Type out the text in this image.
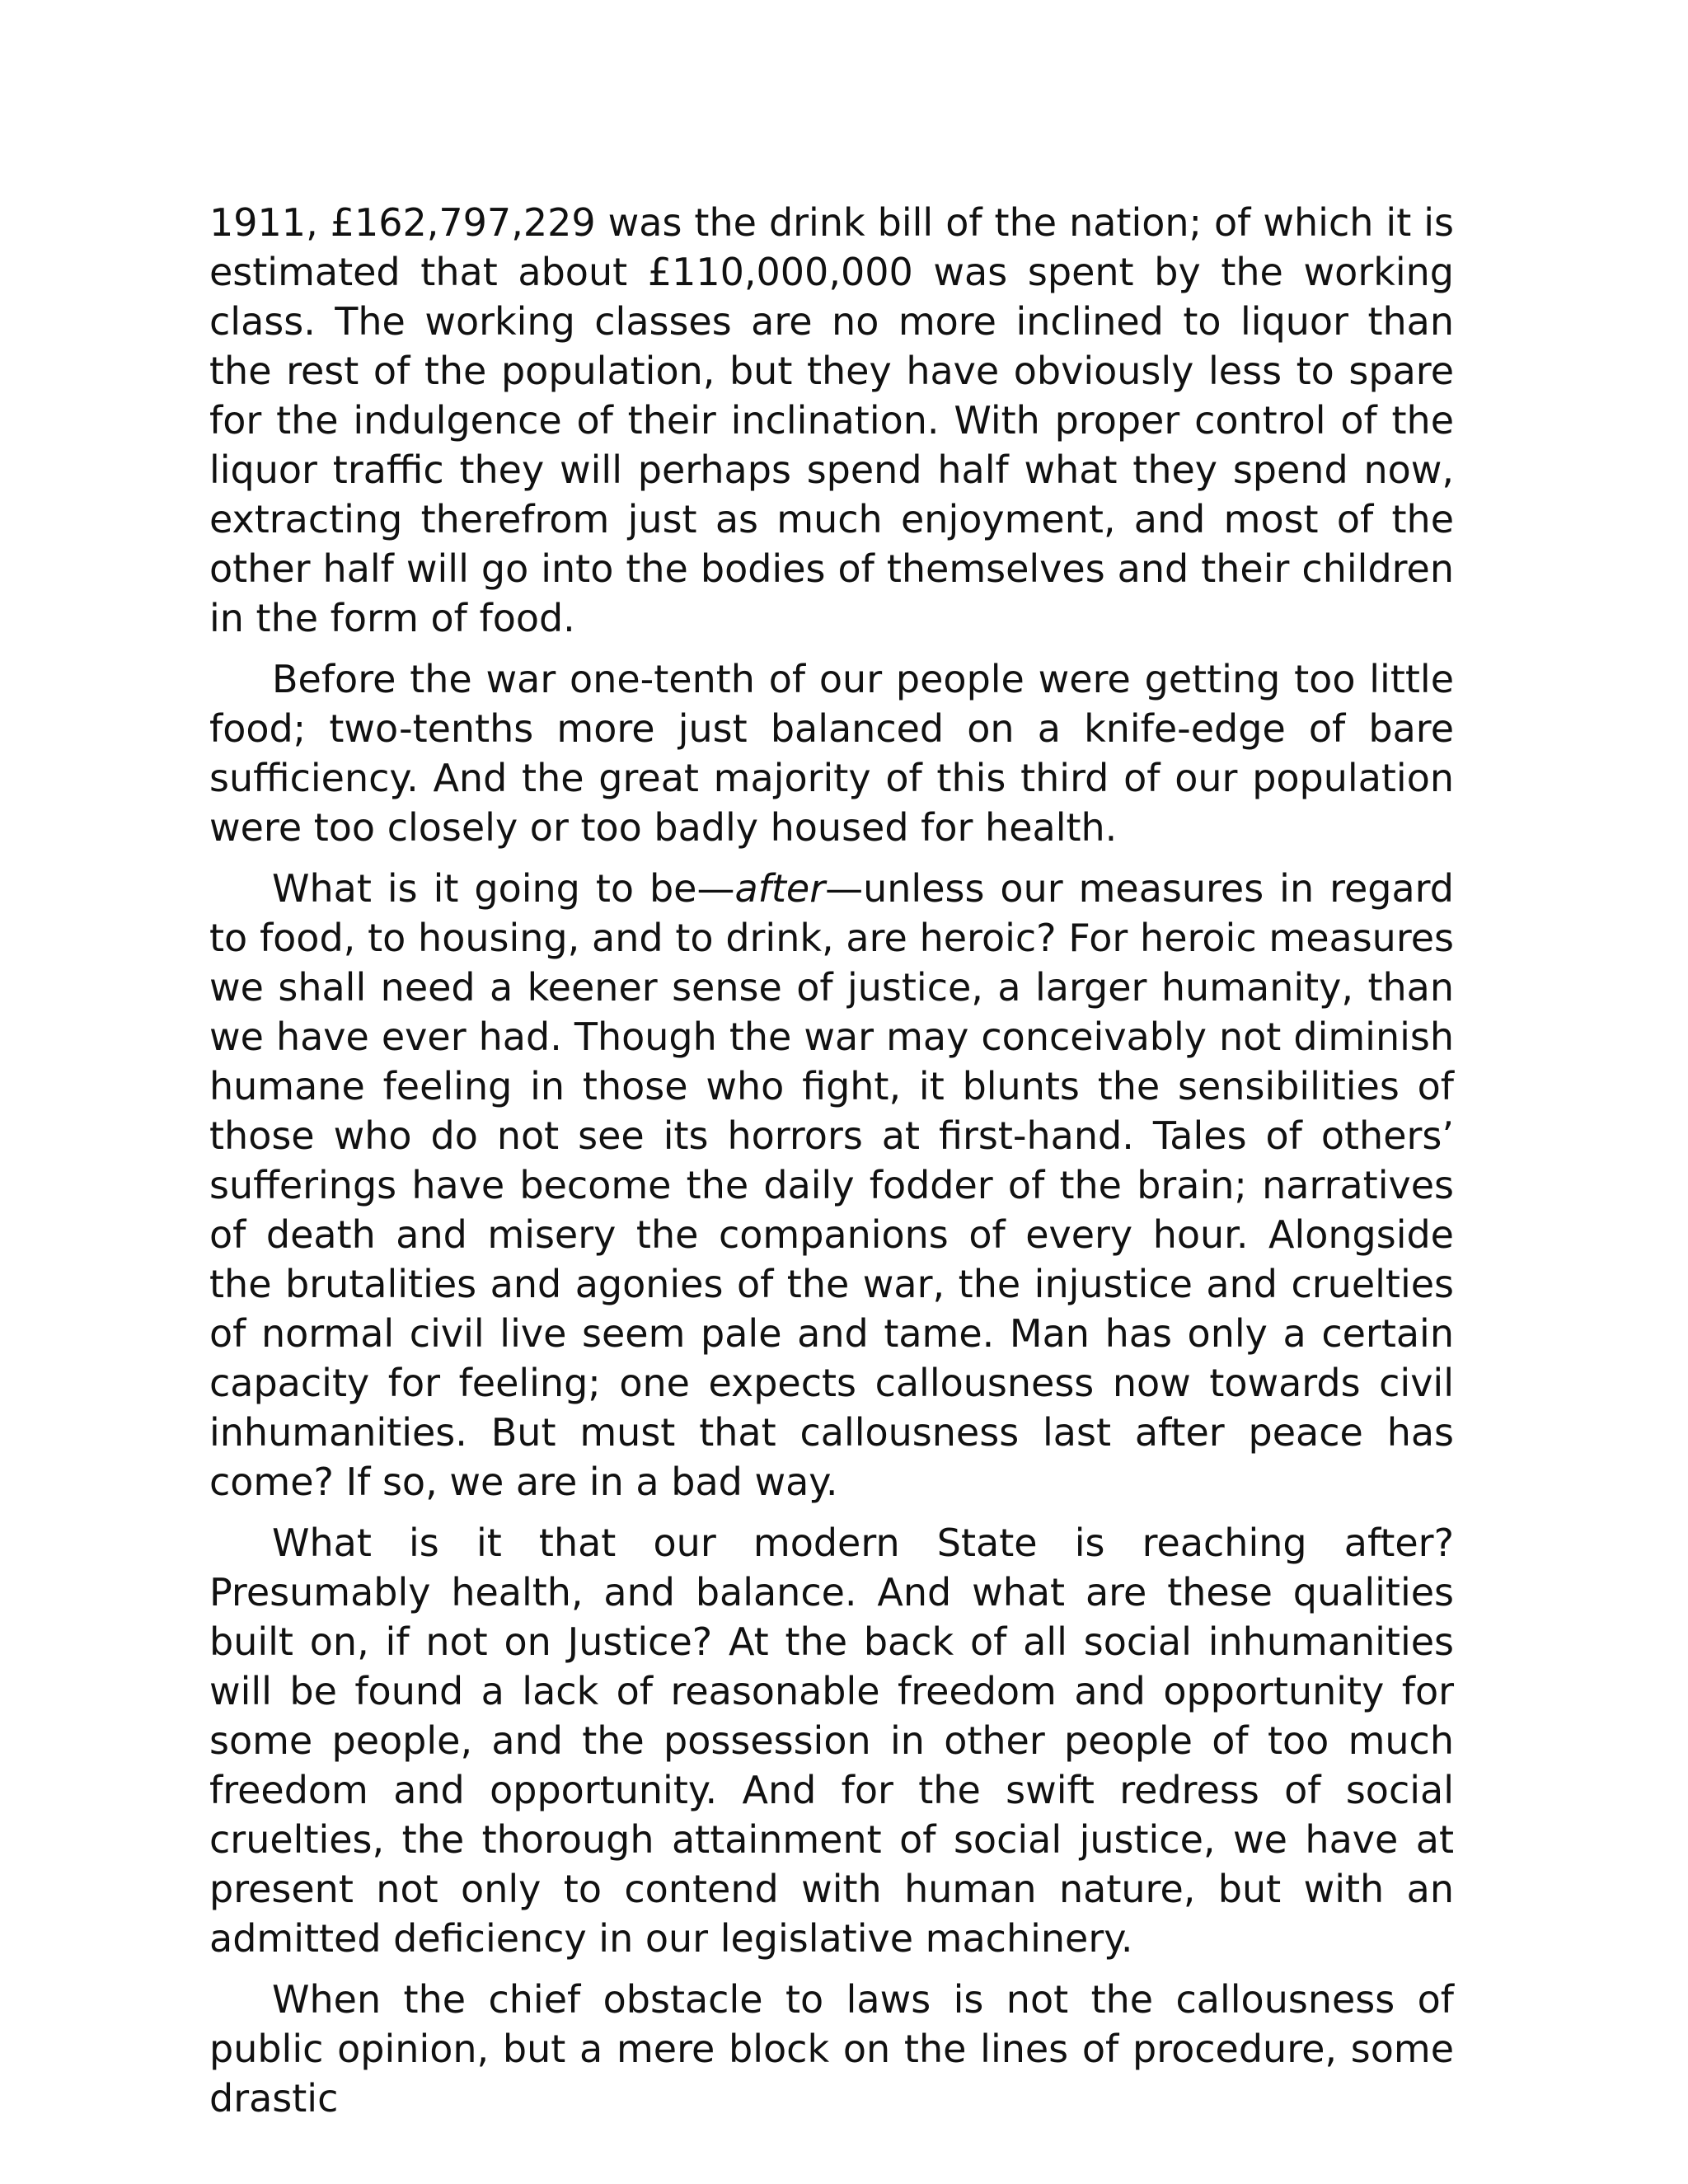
1911, £162,797,229 was the drink bill of the nation; of which it is estimated that about £110,000,000 was spent by the working class. The working classes are no more inclined to liquor than the rest of the population, but they have obviously less to spare for the indulgence of their inclination. With proper control of the liquor traffic they will perhaps spend half what they spend now, extracting therefrom just as much enjoyment, and most of the other half will go into the bodies of themselves and their children in the form of food.

Before the war one-tenth of our people were getting too little food; two-tenths more just balanced on a knife-edge of bare sufficiency. And the great majority of this third of our population were too closely or too badly housed for health.

What is it going to be—after—unless our measures in regard to food, to housing, and to drink, are heroic? For heroic measures we shall need a keener sense of justice, a larger humanity, than we have ever had. Though the war may conceivably not diminish humane feeling in those who fight, it blunts the sensibilities of those who do not see its horrors at first-hand. Tales of others’ sufferings have become the daily fodder of the brain; narratives of death and misery the companions of every hour. Alongside the brutalities and agonies of the war, the injustice and cruelties of normal civil live seem pale and tame. Man has only a certain capacity for feeling; one expects callousness now towards civil inhumanities. But must that callousness last after peace has come? If so, we are in a bad way.

What is it that our modern State is reaching after? Presumably health, and balance. And what are these qualities built on, if not on Justice? At the back of all social inhumanities will be found a lack of reasonable freedom and opportunity for some people, and the possession in other people of too much freedom and opportunity. And for the swift redress of social cruelties, the thorough attainment of social justice, we have at present not only to contend with human nature, but with an admitted deficiency in our legislative machinery.

When the chief obstacle to laws is not the callousness of public opinion, but a mere block on the lines of procedure, some drastic
